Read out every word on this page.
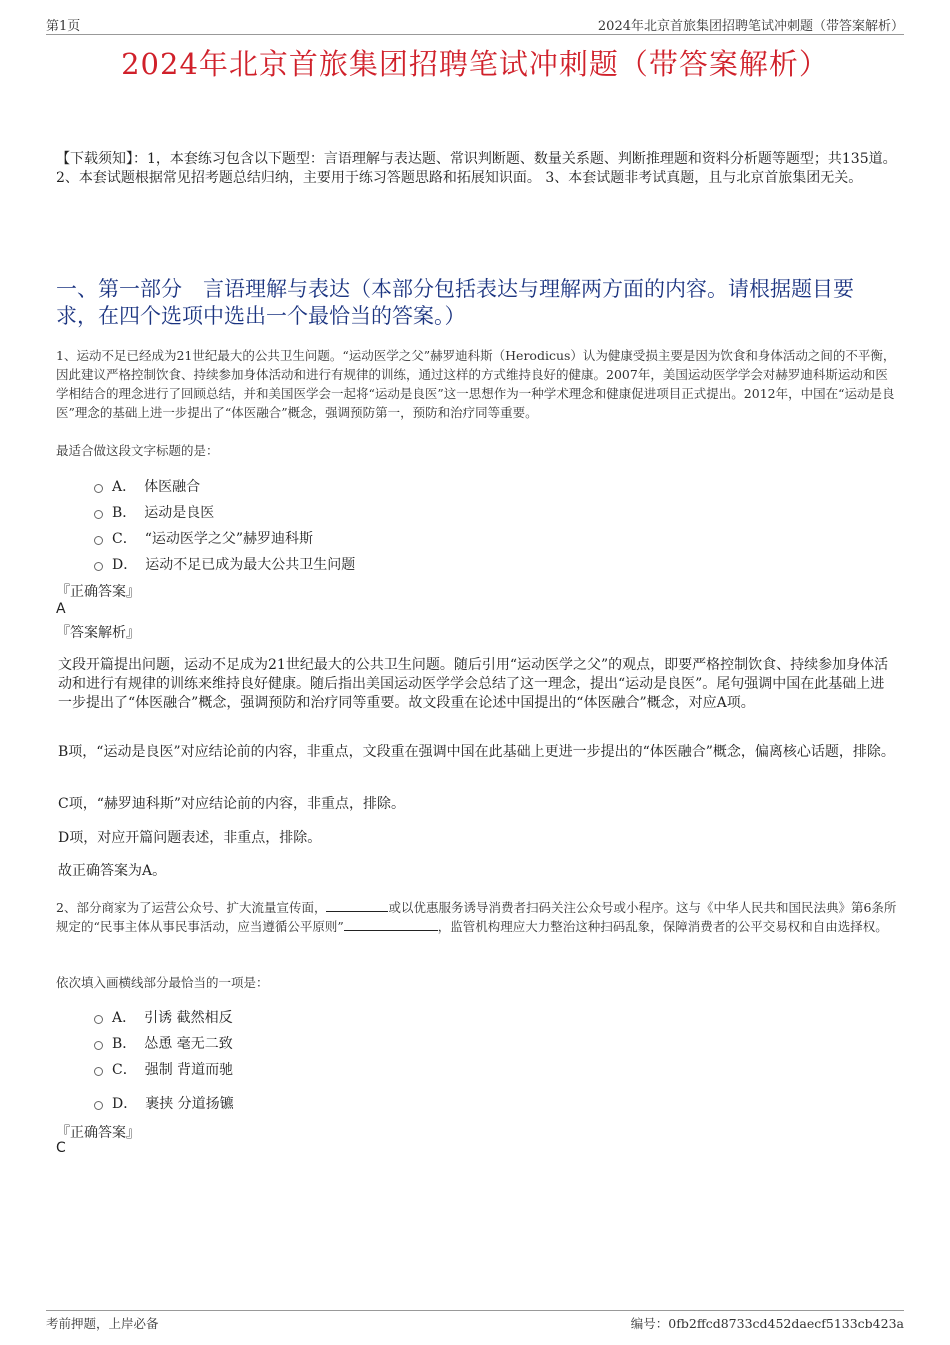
第1页	2024年北京首旅集团招聘笔试冲刺题（带答案解析）
2024年北京首旅集团招聘笔试冲刺题（带答案解析）

【下载须知】：1，本套练习包含以下题型：言语理解与表达题、常识判断题、数量关系题、判断推理题和资料分析题等题型；共135道。 2、本套试题根据常见招考题总结归纳，主要用于练习答题思路和拓展知识面。 3、本套试题非考试真题，且与北京首旅集团无关。

一、第一部分　言语理解与表达（本部分包括表达与理解两方面的内容。请根据题目要求，在四个选项中选出一个最恰当的答案。）

1、运动不足已经成为21世纪最大的公共卫生问题。“运动医学之父”赫罗迪科斯（Herodicus）认为健康受损主要是因为饮食和身体活动之间的不平衡，因此建议严格控制饮食、持续参加身体活动和进行有规律的训练，通过这样的方式维持良好的健康。2007年，美国运动医学学会对赫罗迪科斯运动和医学相结合的理念进行了回顾总结，并和美国医学会一起将“运动是良医”这一思想作为一种学术理念和健康促进项目正式提出。2012年，中国在“运动是良医”理念的基础上进一步提出了“体医融合”概念，强调预防第一，预防和治疗同等重要。

最适合做这段文字标题的是：

A． 体医融合
B． 运动是良医
C． “运动医学之父”赫罗迪科斯
D． 运动不足已成为最大公共卫生问题
『正确答案』
A
『答案解析』

文段开篇提出问题，运动不足成为21世纪最大的公共卫生问题。随后引用“运动医学之父”的观点，即要严格控制饮食、持续参加身体活动和进行有规律的训练来维持良好健康。随后指出美国运动医学学会总结了这一理念，提出“运动是良医”。尾句强调中国在此基础上进一步提出了“体医融合”概念，强调预防和治疗同等重要。故文段重在论述中国提出的“体医融合”概念，对应A项。

B项，“运动是良医”对应结论前的内容，非重点，文段重在强调中国在此基础上更进一步提出的“体医融合”概念，偏离核心话题，排除。

C项，“赫罗迪科斯”对应结论前的内容，非重点，排除。

D项，对应开篇问题表述，非重点，排除。

故正确答案为A。

2、部分商家为了运营公众号、扩大流量宣传面，	或以优惠服务诱导消费者扫码关注公众号或小程序。这与《中华人民共和国民法典》第6条所规定的“民事主体从事民事活动，应当遵循公平原则”	，监管机构理应大力整治这种扫码乱象，保障消费者的公平交易权和自由选择权。

依次填入画横线部分最恰当的一项是：

A． 引诱 截然相反
B． 怂恿 毫无二致
C． 强制 背道而驰
D． 裹挟 分道扬镳
『正确答案』
C
考前押题，上岸必备	编号：0fb2ffcd8733cd452daecf5133cb423a
